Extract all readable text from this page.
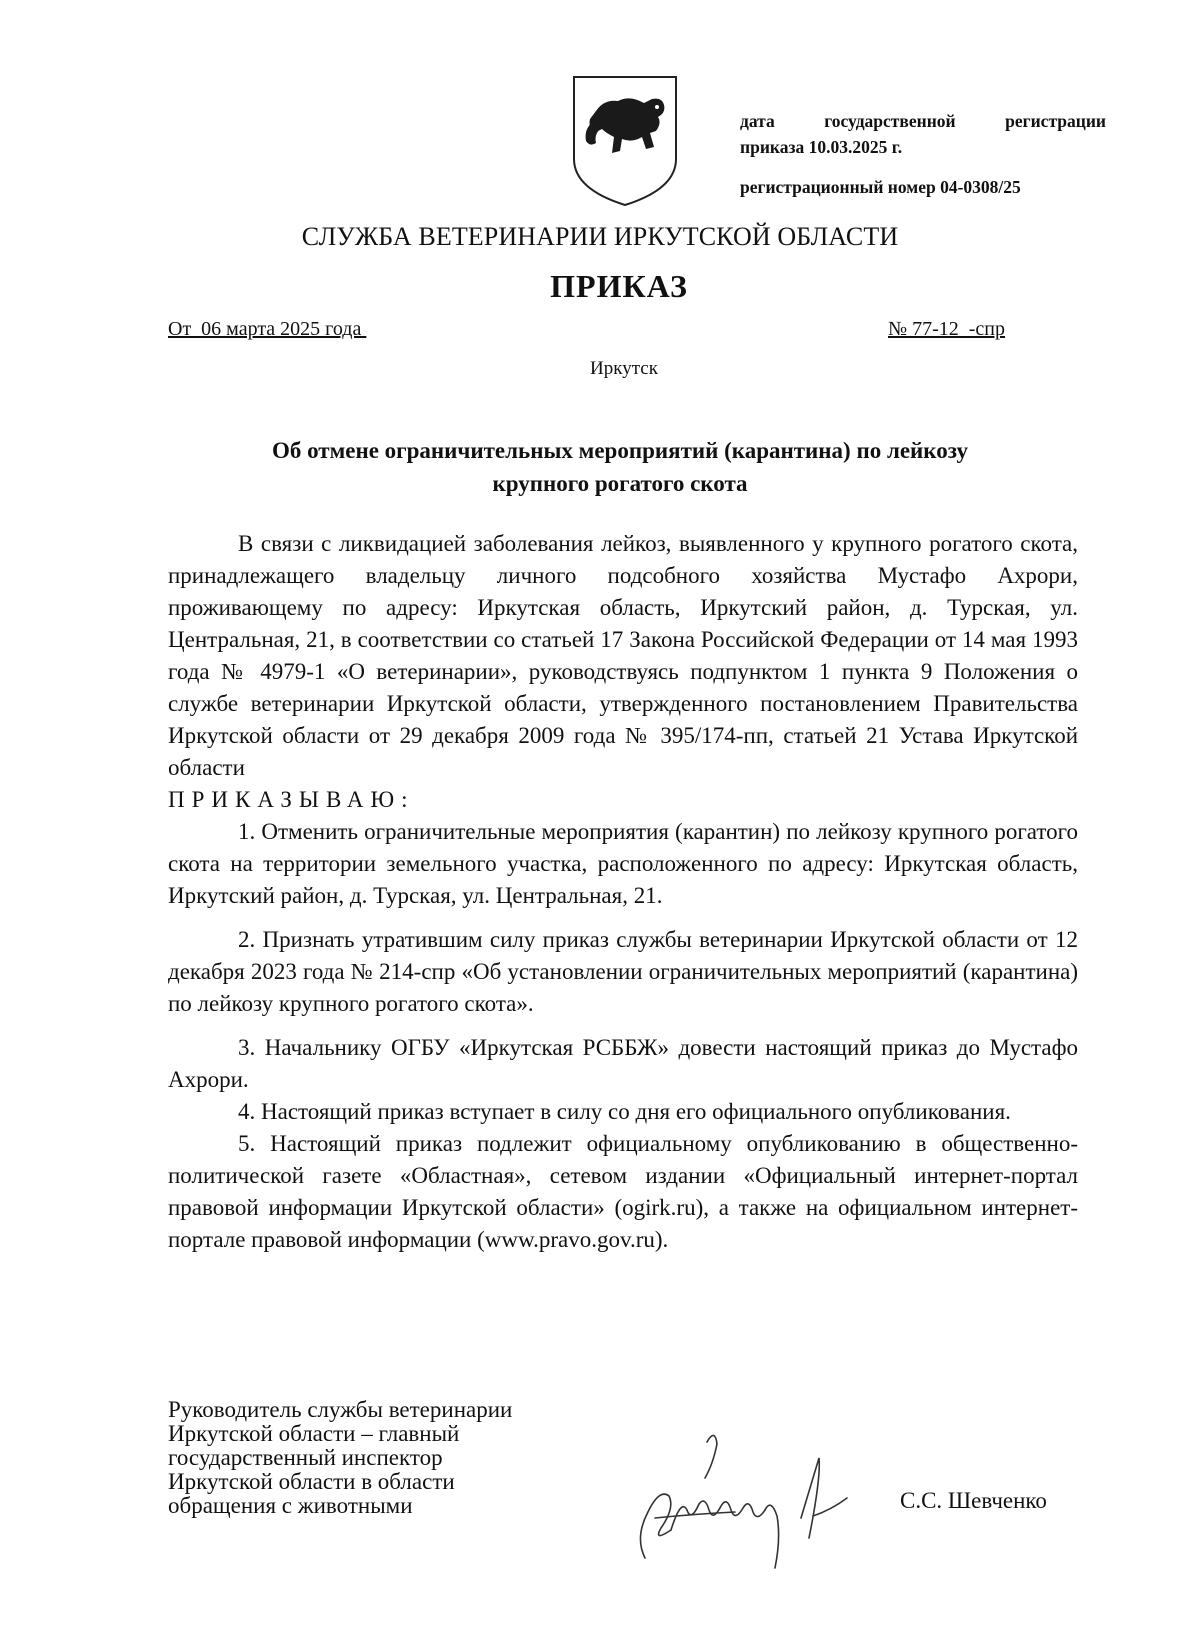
дата	государственной	регистрации
приказа 10.03.2025 г.
регистрационный номер 04-0308/25
СЛУЖБА ВЕТЕРИНАРИИ ИРКУТСКОЙ ОБЛАСТИ
ПРИКАЗ
От  06 марта 2025 года	№ 77-12  -спр
Иркутск
Об отмене ограничительных мероприятий (карантина) по лейкозу
крупного рогатого скота

В связи с ликвидацией заболевания лейкоз, выявленного у крупного рогатого скота, принадлежащего владельцу личного подсобного хозяйства Мустафо Ахрори, проживающему по адресу: Иркутская область, Иркутский район, д. Турская, ул. Центральная, 21, в соответствии со статьей 17 Закона Российской Федерации от 14 мая 1993 года № 4979-1 «О ветеринарии», руководствуясь подпунктом 1 пункта 9 Положения о службе ветеринарии Иркутской области, утвержденного постановлением Правительства Иркутской области от 29 декабря 2009 года № 395/174-пп, статьей 21 Устава Иркутской области

ПРИКАЗЫВАЮ:

1. Отменить ограничительные мероприятия (карантин) по лейкозу крупного рогатого скота на территории земельного участка, расположенного по адресу: Иркутская область, Иркутский район, д. Турская, ул. Центральная, 21.

2. Признать утратившим силу приказ службы ветеринарии Иркутской области от 12 декабря 2023 года № 214-спр «Об установлении ограничительных мероприятий (карантина) по лейкозу крупного рогатого скота».

3. Начальнику ОГБУ «Иркутская РСББЖ» довести настоящий приказ до Мустафо Ахрори.

4. Настоящий приказ вступает в силу со дня его официального опубликования.

5. Настоящий приказ подлежит официальному опубликованию в общественно-политической газете «Областная», сетевом издании «Официальный интернет-портал правовой информации Иркутской области» (ogirk.ru), а также на официальном интернет-портале правовой информации (www.pravo.gov.ru).

Руководитель службы ветеринарии
Иркутской области – главный
государственный инспектор
Иркутской области в области
обращения с животными	С.С. Шевченко
